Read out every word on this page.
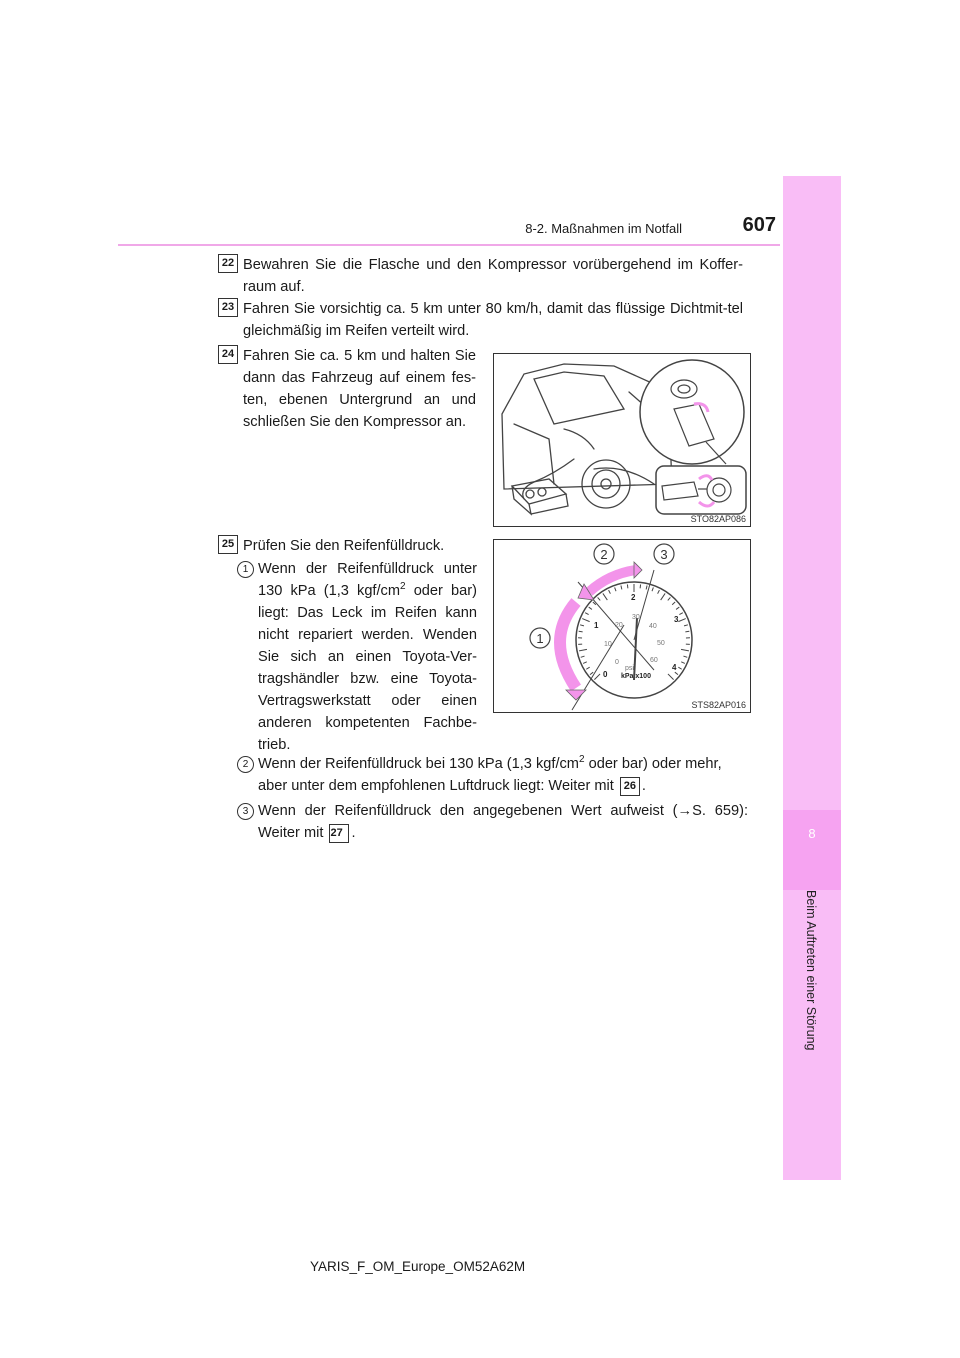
8-2. Maßnahmen im Notfall	607
8
Beim Auftreten einer Störung
22 Bewahren Sie die Flasche und den Kompressor vorübergehend im Koffer-raum auf.
23 Fahren Sie vorsichtig ca. 5 km unter 80 km/h, damit das flüssige Dichtmit-tel gleichmäßig im Reifen verteilt wird.
24 Fahren Sie ca. 5 km und halten Sie dann das Fahrzeug auf einem fes-ten, ebenen Untergrund an und schließen Sie den Kompressor an.
STO82AP086
25 Prüfen Sie den Reifenfülldruck.
1 Wenn der Reifenfülldruck unter 130 kPa (1,3 kgf/$cm^2$ oder bar) liegt: Das Leck im Reifen kann nicht repariert werden. Wenden Sie sich an einen Toyota-Ver-tragshändler bzw. eine Toyota-Vertragswerkstatt oder einen anderen kompetenten Fachbe-trieb.
1
2	3
0
1
2
3
4
0
10
20
30
40
50
60
psi
kPa x100
STS82AP016
2 Wenn der Reifenfülldruck bei 130 kPa (1,3 kgf/$cm^2$ oder bar) oder mehr, aber unter dem empfohlenen Luftdruck liegt: Weiter mit 26 .
3 Wenn der Reifenfülldruck den angegebenen Wert aufweist (→S. 659): Weiter mit 27 .
YARIS_F_OM_Europe_OM52A62M
